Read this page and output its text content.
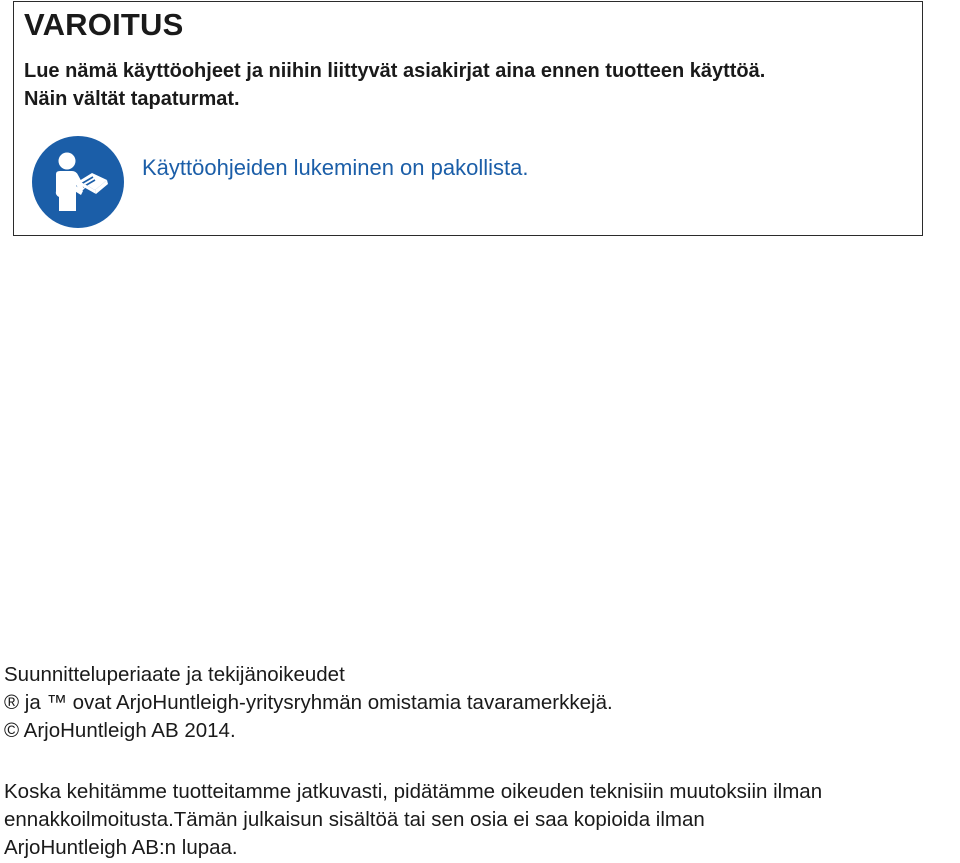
VAROITUS
Lue nämä käyttöohjeet ja niihin liittyvät asiakirjat aina ennen tuotteen käyttöä.
Näin vältät tapaturmat.
Käyttöohjeiden lukeminen on pakollista.
Suunnitteluperiaate ja tekijänoikeudet
® ja ™ ovat ArjoHuntleigh-yritysryhmän omistamia tavaramerkkejä.
© ArjoHuntleigh AB 2014.
Koska kehitämme tuotteitamme jatkuvasti, pidätämme oikeuden teknisiin muutoksiin ilman
ennakkoilmoitusta.Tämän julkaisun sisältöä tai sen osia ei saa kopioida ilman
ArjoHuntleigh AB:n lupaa.
